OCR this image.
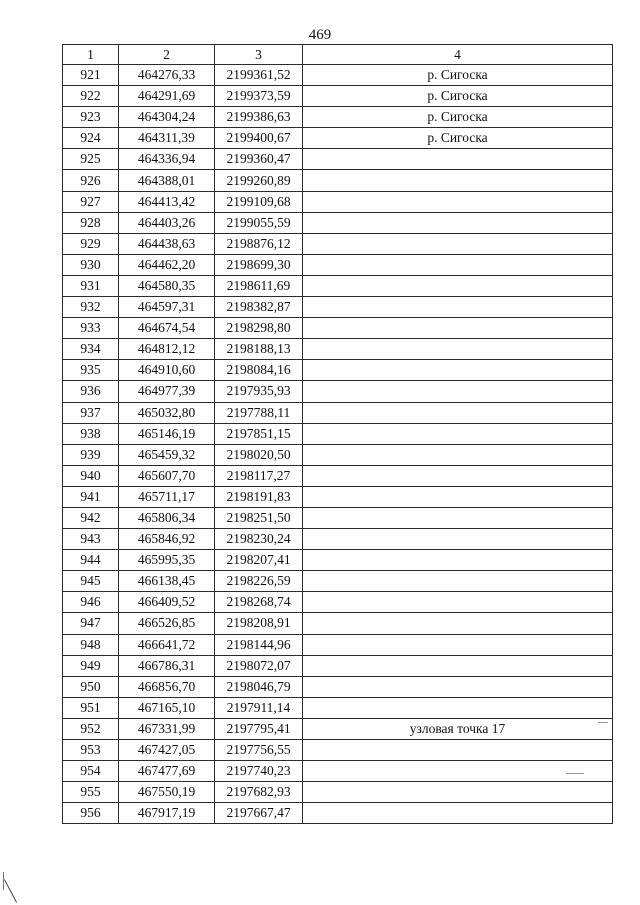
469
1	2	3	4
921	464276,33	2199361,52	р. Сигоска
922	464291,69	2199373,59	р. Сигоска
923	464304,24	2199386,63	р. Сигоска
924	464311,39	2199400,67	р. Сигоска
925	464336,94	2199360,47	
926	464388,01	2199260,89	
927	464413,42	2199109,68	
928	464403,26	2199055,59	
929	464438,63	2198876,12	
930	464462,20	2198699,30	
931	464580,35	2198611,69	
932	464597,31	2198382,87	
933	464674,54	2198298,80	
934	464812,12	2198188,13	
935	464910,60	2198084,16	
936	464977,39	2197935,93	
937	465032,80	2197788,11	
938	465146,19	2197851,15	
939	465459,32	2198020,50	
940	465607,70	2198117,27	
941	465711,17	2198191,83	
942	465806,34	2198251,50	
943	465846,92	2198230,24	
944	465995,35	2198207,41	
945	466138,45	2198226,59	
946	466409,52	2198268,74	
947	466526,85	2198208,91	
948	466641,72	2198144,96	
949	466786,31	2198072,07	
950	466856,70	2198046,79	
951	467165,10	2197911,14	
952	467331,99	2197795,41	узловая точка 17
953	467427,05	2197756,55	
954	467477,69	2197740,23	
955	467550,19	2197682,93	
956	467917,19	2197667,47	
